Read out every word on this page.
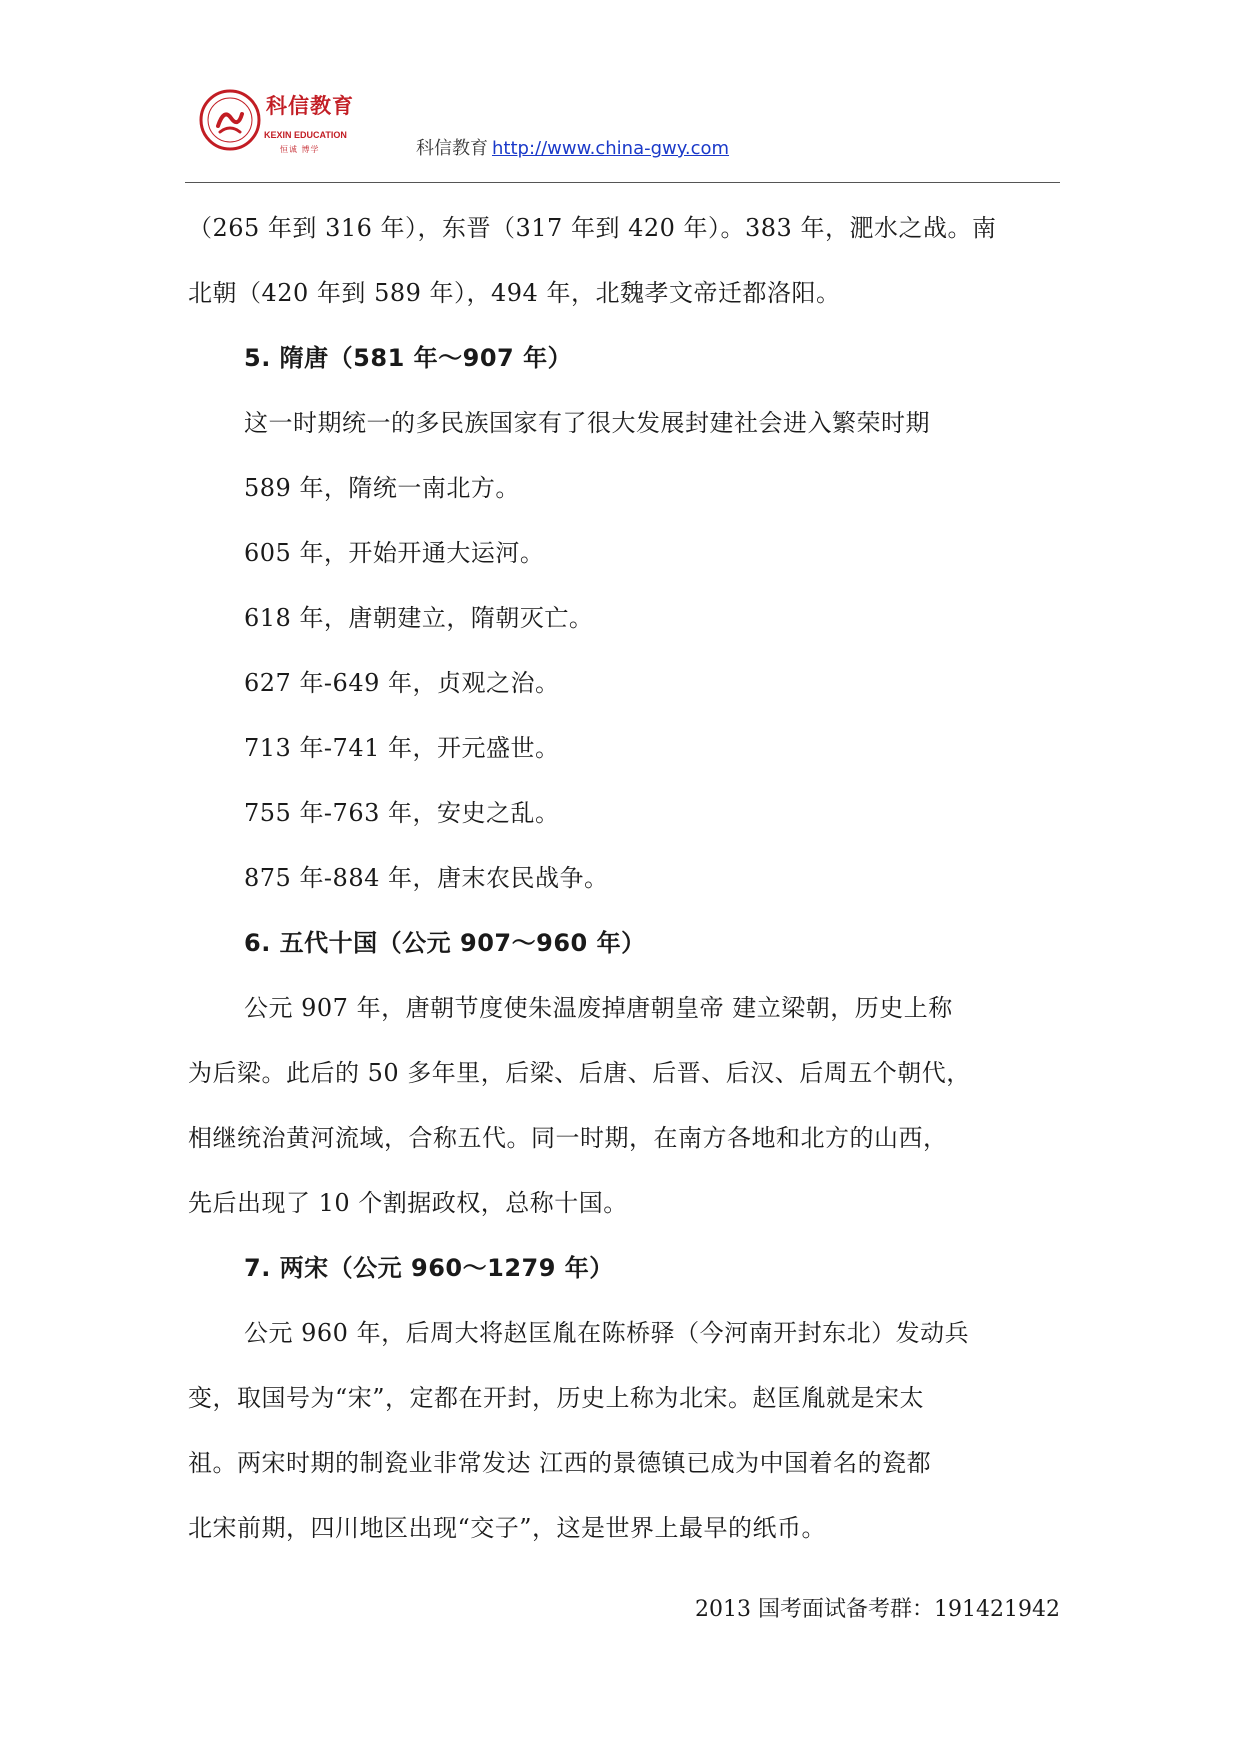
科信教育
KEXIN EDUCATION
恒诚 博学	科信教育 http://www.china-gwy.com

（265 年到 316 年），东晋（317 年到 420 年）。383 年，淝水之战。南

北朝（420 年到 589 年），494 年，北魏孝文帝迁都洛阳。

5. 隋唐（581 年～907 年）

这一时期统一的多民族国家有了很大发展封建社会进入繁荣时期

589 年，隋统一南北方。

605 年，开始开通大运河。

618 年，唐朝建立，隋朝灭亡。

627 年-649 年，贞观之治。

713 年-741 年，开元盛世。

755 年-763 年，安史之乱。

875 年-884 年，唐末农民战争。

6. 五代十国（公元 907～960 年）

公元 907 年，唐朝节度使朱温废掉唐朝皇帝 建立梁朝，历史上称

为后梁。此后的 50 多年里，后梁、后唐、后晋、后汉、后周五个朝代，

相继统治黄河流域，合称五代。同一时期，在南方各地和北方的山西，

先后出现了 10 个割据政权，总称十国。

7. 两宋（公元 960～1279 年）

公元 960 年，后周大将赵匡胤在陈桥驿（今河南开封东北）发动兵

变，取国号为“宋”，定都在开封，历史上称为北宋。赵匡胤就是宋太

祖。两宋时期的制瓷业非常发达 江西的景德镇已成为中国着名的瓷都

北宋前期，四川地区出现“交子”，这是世界上最早的纸币。

2013 国考面试备考群：191421942
